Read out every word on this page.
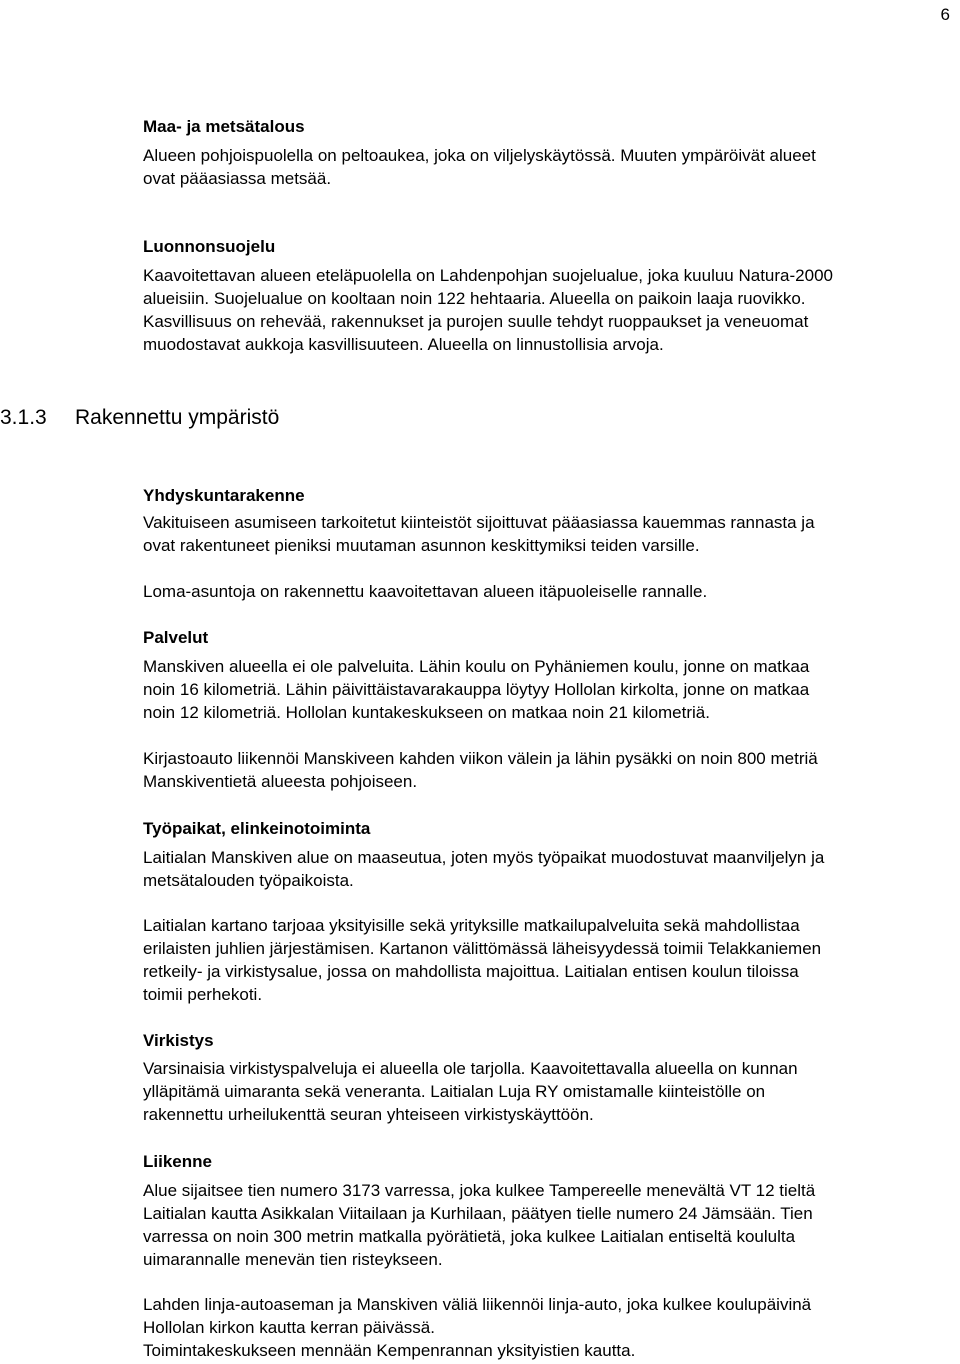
6
Maa- ja metsätalous
Alueen pohjoispuolella on peltoaukea, joka on viljelyskäytössä. Muuten ympäröivät alueet
ovat pääasiassa metsää.
Luonnonsuojelu
Kaavoitettavan alueen eteläpuolella on Lahdenpohjan suojelualue, joka kuuluu Natura-2000
alueisiin. Suojelualue on kooltaan noin 122 hehtaaria. Alueella on paikoin laaja ruovikko.
Kasvillisuus on rehevää, rakennukset ja purojen suulle tehdyt ruoppaukset ja veneuomat
muodostavat aukkoja kasvillisuuteen. Alueella on linnustollisia arvoja.
3.1.3 Rakennettu ympäristö
Yhdyskuntarakenne
Vakituiseen asumiseen tarkoitetut kiinteistöt sijoittuvat pääasiassa kauemmas rannasta ja
ovat rakentuneet pieniksi muutaman asunnon keskittymiksi teiden varsille.
Loma-asuntoja on rakennettu kaavoitettavan alueen itäpuoleiselle rannalle.
Palvelut
Manskiven alueella ei ole palveluita. Lähin koulu on Pyhäniemen koulu, jonne on matkaa
noin 16 kilometriä. Lähin päivittäistavarakauppa löytyy Hollolan kirkolta, jonne on matkaa
noin 12 kilometriä. Hollolan kuntakeskukseen on matkaa noin 21 kilometriä.
Kirjastoauto liikennöi Manskiveen kahden viikon välein ja lähin pysäkki on noin 800 metriä
Manskiventietä alueesta pohjoiseen.
Työpaikat, elinkeinotoiminta
Laitialan Manskiven alue on maaseutua, joten myös työpaikat muodostuvat maanviljelyn ja
metsätalouden työpaikoista.
Laitialan kartano tarjoaa yksityisille sekä yrityksille matkailupalveluita sekä mahdollistaa
erilaisten juhlien järjestämisen. Kartanon välittömässä läheisyydessä toimii Telakkaniemen
retkeily- ja virkistysalue, jossa on mahdollista majoittua. Laitialan entisen koulun tiloissa
toimii perhekoti.
Virkistys
Varsinaisia virkistyspalveluja ei alueella ole tarjolla. Kaavoitettavalla alueella on kunnan
ylläpitämä uimaranta sekä veneranta. Laitialan Luja RY omistamalle kiinteistölle on
rakennettu urheilukenttä seuran yhteiseen virkistyskäyttöön.
Liikenne
Alue sijaitsee tien numero 3173 varressa, joka kulkee Tampereelle menevältä VT 12 tieltä
Laitialan kautta Asikkalan Viitailaan ja Kurhilaan, päätyen tielle numero 24 Jämsään. Tien
varressa on noin 300 metrin matkalla pyörätietä, joka kulkee Laitialan entiseltä koululta
uimarannalle menevän tien risteykseen.
Lahden linja-autoaseman ja Manskiven väliä liikennöi linja-auto, joka kulkee koulupäivinä
Hollolan kirkon kautta kerran päivässä.
Toimintakeskukseen mennään Kempenrannan yksityistien kautta.
